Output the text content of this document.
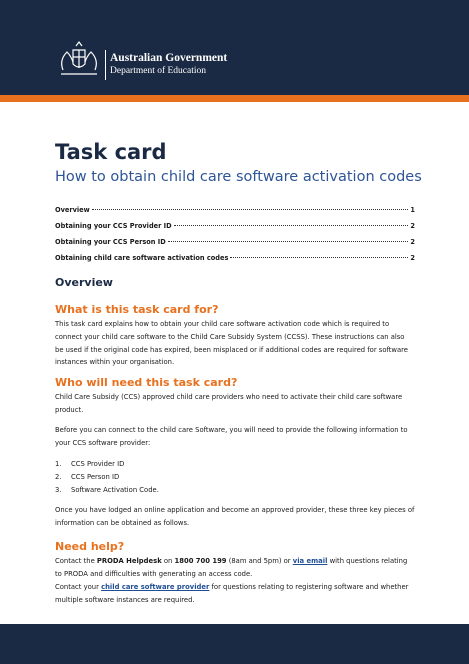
Australian Government
Department of Education
Task card
How to obtain child care software activation codes
Overview	1
Obtaining your CCS Provider ID	2
Obtaining your CCS Person ID	2
Obtaining child care software activation codes	2
Overview
What is this task card for?

This task card explains how to obtain your child care software activation code which is required to connect your child care software to the Child Care Subsidy System (CCSS). These instructions can also be used if the original code has expired, been misplaced or if additional codes are required for software instances within your organisation.

Who will need this task card?

Child Care Subsidy (CCS) approved child care providers who need to activate their child care software product.

Before you can connect to the child care Software, you will need to provide the following information to your CCS software provider:

1.	CCS Provider ID
2.	CCS Person ID
3.	Software Activation Code.

Once you have lodged an online application and become an approved provider, these three key pieces of information can be obtained as follows.

Need help?

Contact the PRODA Helpdesk on 1800 700 199 (8am and 5pm) or via email with questions relating to PRODA and difficulties with generating an access code.

Contact your child care software provider for questions relating to registering software and whether multiple software instances are required.
